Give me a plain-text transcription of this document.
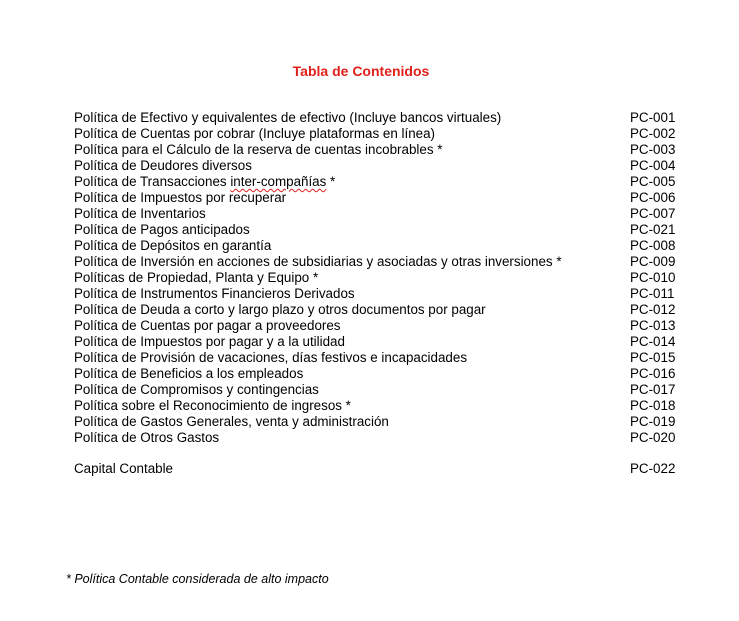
Tabla de Contenidos
Política de Efectivo y equivalentes de efectivo (Incluye bancos virtuales)	PC-001
Política de Cuentas por cobrar (Incluye plataformas en línea)	PC-002
Política para el Cálculo de la reserva de cuentas incobrables *	PC-003
Política de Deudores diversos	PC-004
Política de Transacciones inter-compañías *	PC-005
Política de Impuestos por recuperar	PC-006
Política de Inventarios	PC-007
Política de Pagos anticipados	PC-021
Política de Depósitos en garantía	PC-008
Política de Inversión en acciones de subsidiarias y asociadas y otras inversiones *	PC-009
Políticas de Propiedad, Planta y Equipo *	PC-010
Política de Instrumentos Financieros Derivados	PC-011
Política de Deuda a corto y largo plazo y otros documentos por pagar	PC-012
Política de Cuentas por pagar a proveedores	PC-013
Política de Impuestos por pagar y a la utilidad	PC-014
Política de Provisión de vacaciones, días festivos e incapacidades	PC-015
Política de Beneficios a los empleados	PC-016
Política de Compromisos y contingencias	PC-017
Política sobre el Reconocimiento de ingresos *	PC-018
Política de Gastos Generales, venta y administración	PC-019
Política de Otros Gastos	PC-020
Capital Contable	PC-022
* Política Contable considerada de alto impacto
